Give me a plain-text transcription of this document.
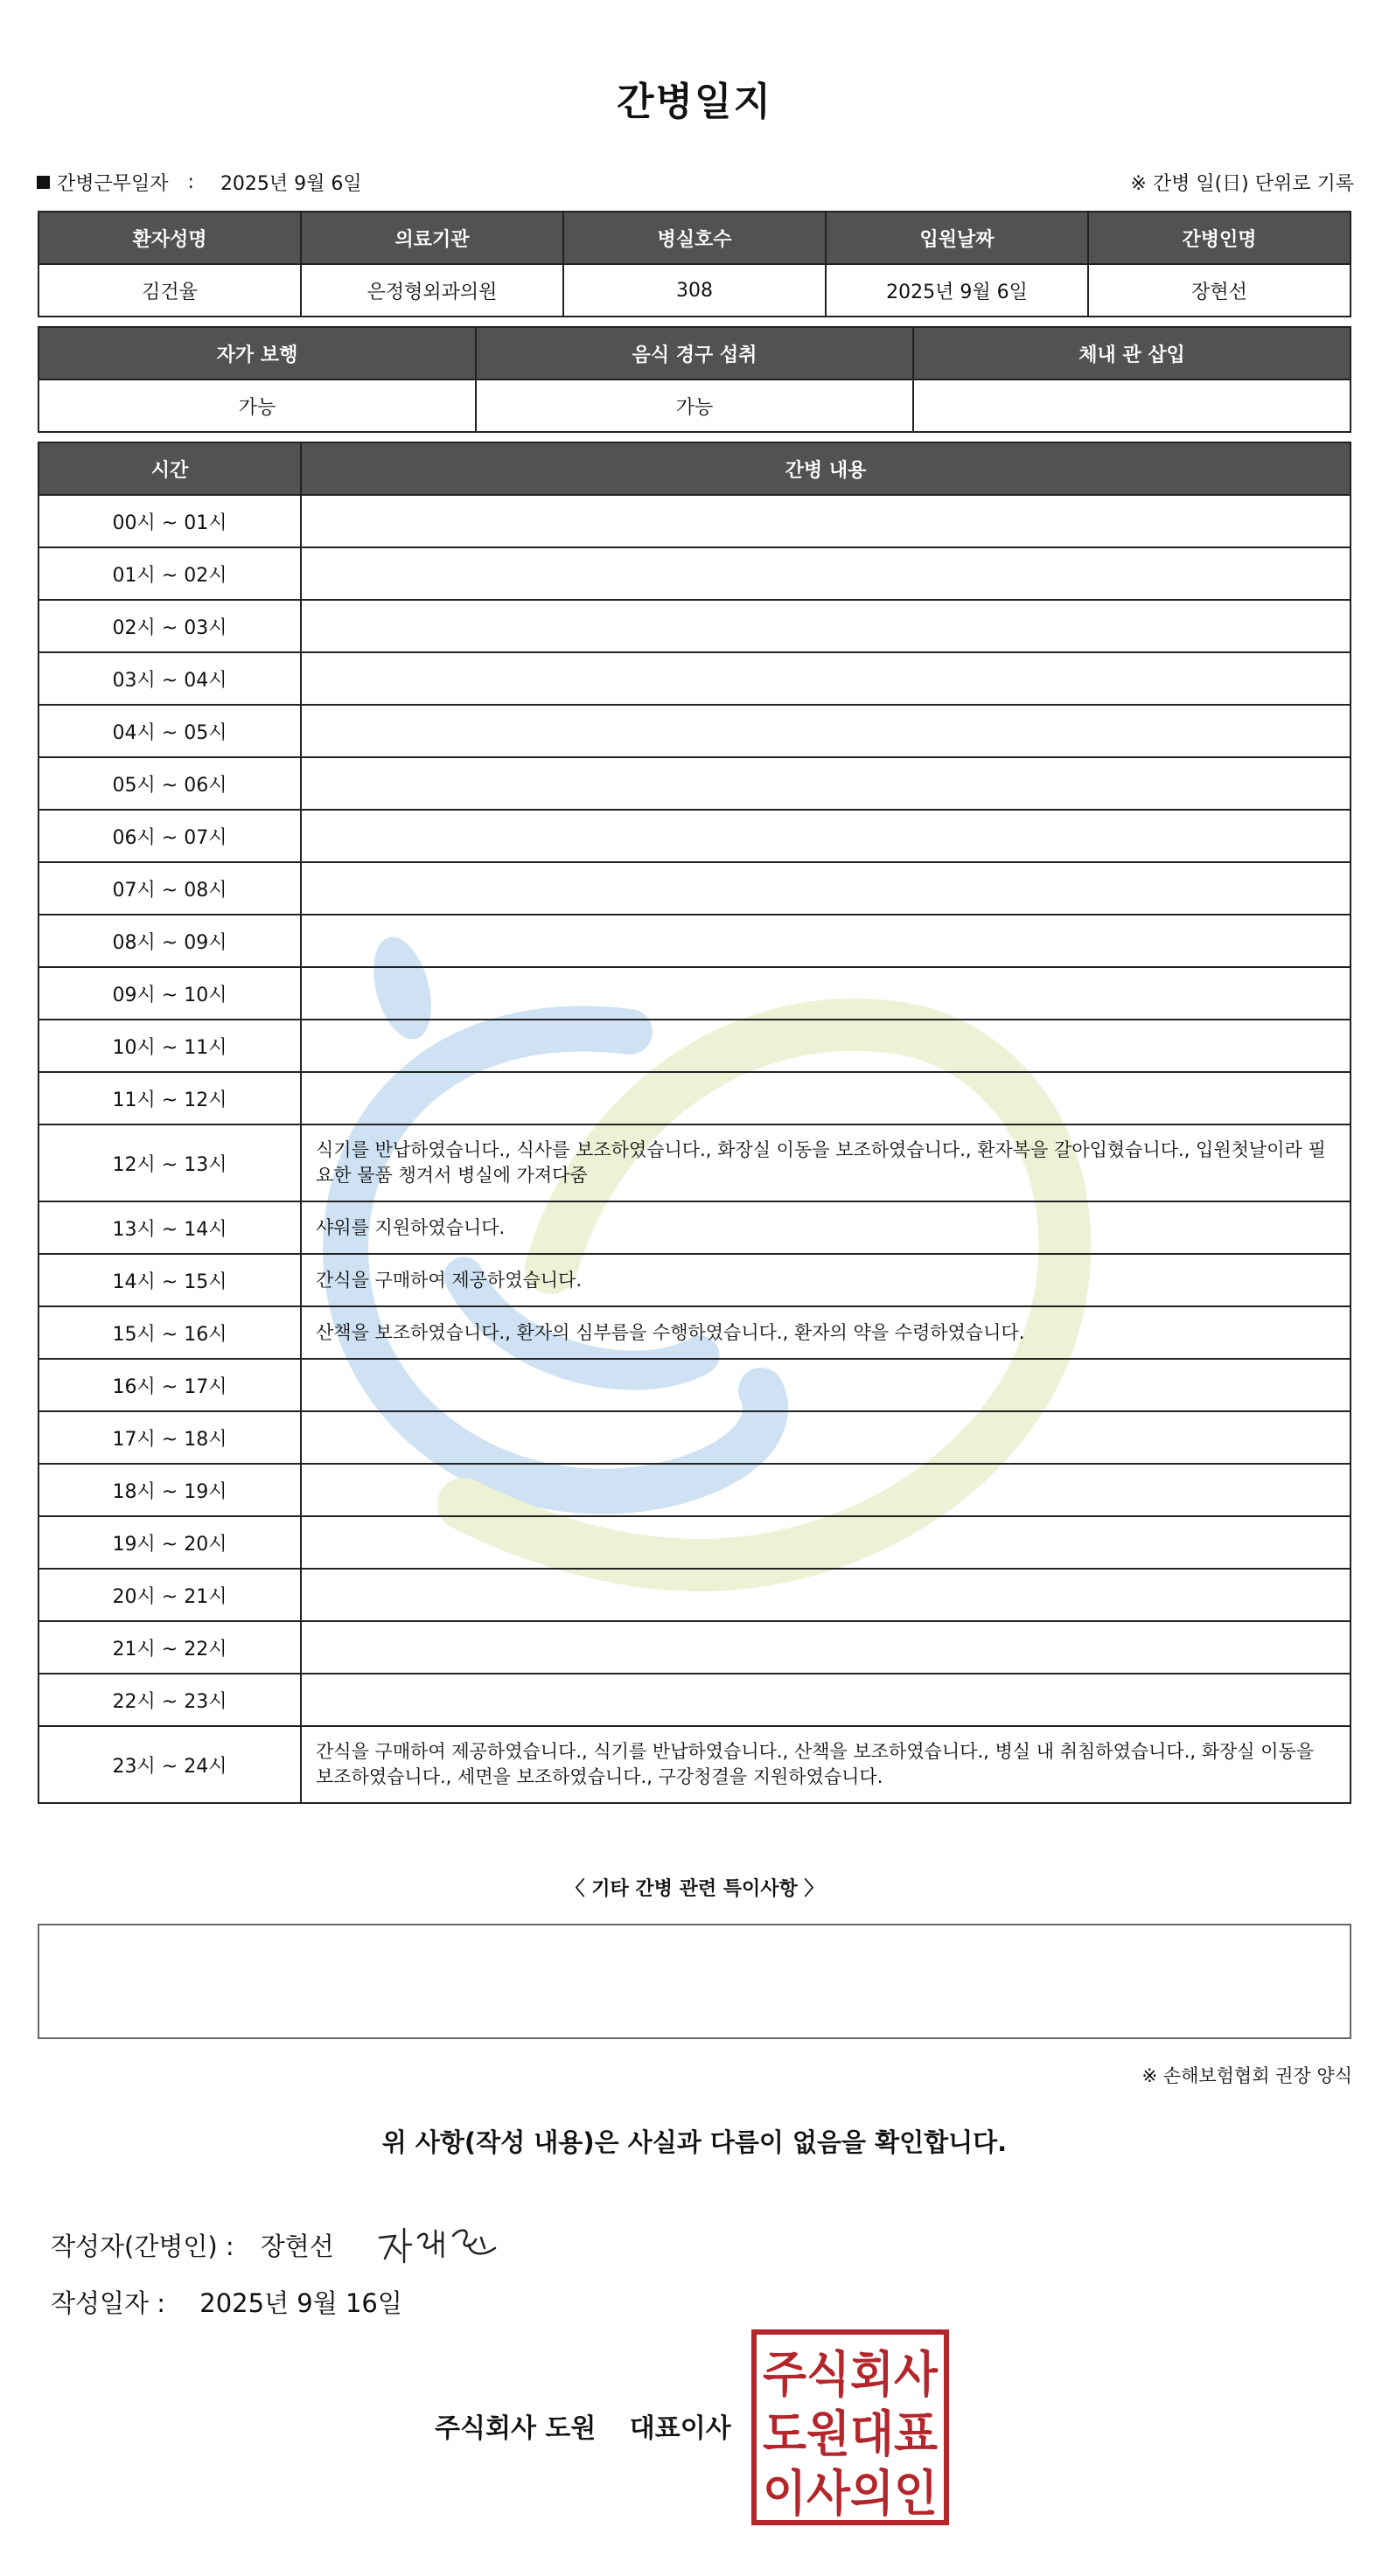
간병일지
간병근무일자 : 2025년 9월 6일	※ 간병 일(日) 단위로 기록
환자성명	의료기관	병실호수	입원날짜	간병인명
김건율	은정형외과의원	308	2025년 9월 6일	장현선
자가 보행	음식 경구 섭취	체내 관 삽입
가능	가능	
시간	간병 내용
00시 ~ 01시	
01시 ~ 02시	
02시 ~ 03시	
03시 ~ 04시	
04시 ~ 05시	
05시 ~ 06시	
06시 ~ 07시	
07시 ~ 08시	
08시 ~ 09시	
09시 ~ 10시	
10시 ~ 11시	
11시 ~ 12시	
12시 ~ 13시	식기를 반납하였습니다., 식사를 보조하였습니다., 화장실 이동을 보조하였습니다., 환자복을 갈아입혔습니다., 입원첫날이라 필요한 물품 챙겨서 병실에 가져다줌
13시 ~ 14시	샤워를 지원하였습니다.
14시 ~ 15시	간식을 구매하여 제공하였습니다.
15시 ~ 16시	산책을 보조하였습니다., 환자의 심부름을 수행하였습니다., 환자의 약을 수령하였습니다.
16시 ~ 17시	
17시 ~ 18시	
18시 ~ 19시	
19시 ~ 20시	
20시 ~ 21시	
21시 ~ 22시	
22시 ~ 23시	
23시 ~ 24시	간식을 구매하여 제공하였습니다., 식기를 반납하였습니다., 산책을 보조하였습니다., 병실 내 취침하였습니다., 화장실 이동을 보조하였습니다., 세면을 보조하였습니다., 구강청결을 지원하였습니다.
〈 기타 간병 관련 특이사항 〉
※ 손해보험협회 권장 양식
위 사항(작성 내용)은 사실과 다름이 없음을 확인합니다.
작성자(간병인) : 장현선
작성일자 : 2025년 9월 16일
주식회사 도원 대표이사
주식회사
도원대표
이사의인
